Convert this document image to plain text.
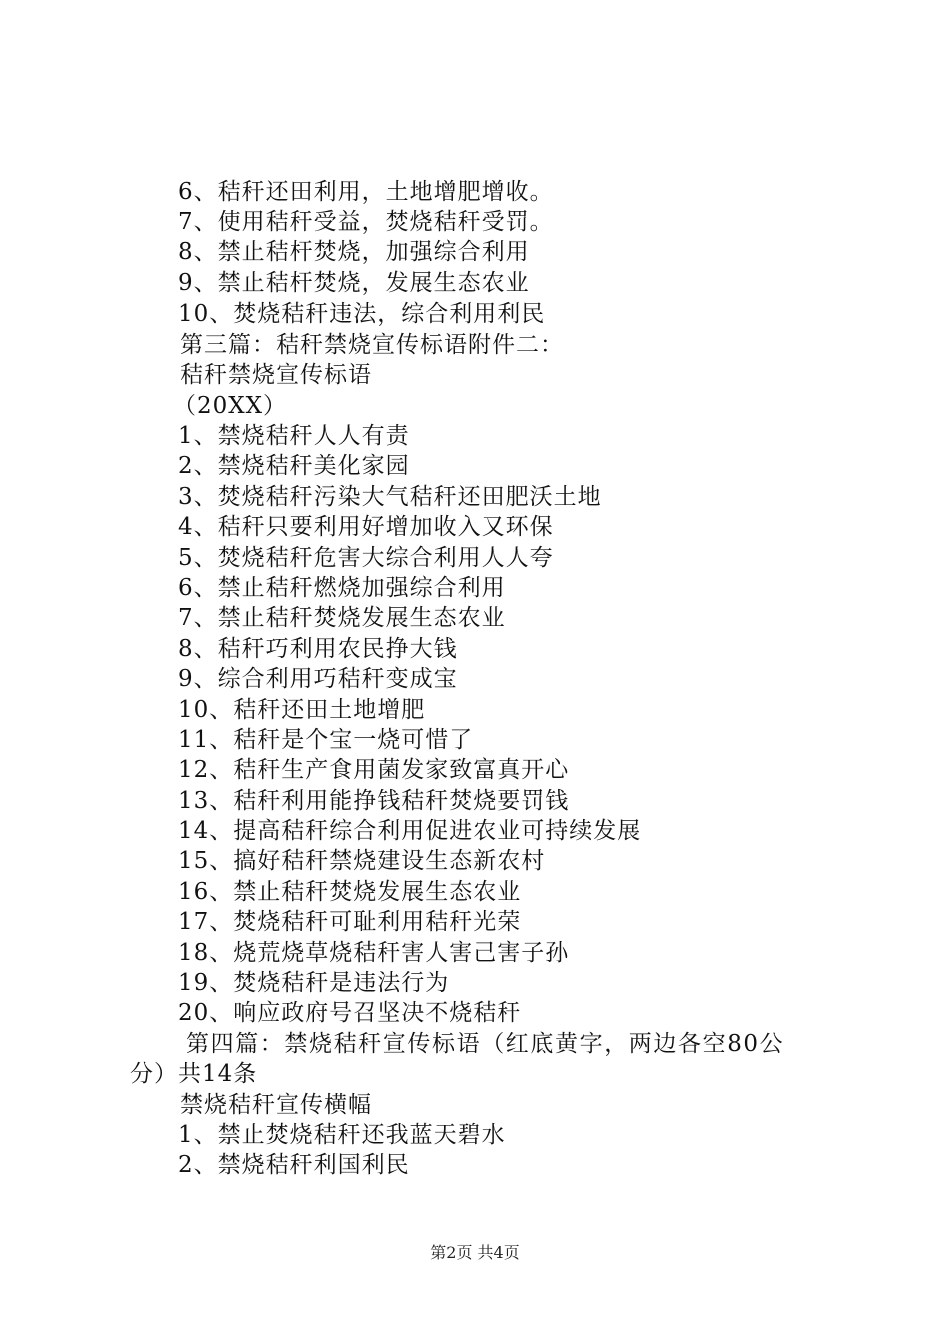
6、秸秆还田利用，土地增肥增收。
7、使用秸秆受益，焚烧秸秆受罚。
8、禁止秸杆焚烧，加强综合利用
9、禁止秸杆焚烧，发展生态农业
10、焚烧秸秆违法，综合利用利民
第三篇：秸秆禁烧宣传标语附件二：
秸秆禁烧宣传标语
（20XX）
1、禁烧秸秆人人有责
2、禁烧秸秆美化家园
3、焚烧秸秆污染大气秸秆还田肥沃土地
4、秸秆只要利用好增加收入又环保
5、焚烧秸秆危害大综合利用人人夸
6、禁止秸秆燃烧加强综合利用
7、禁止秸秆焚烧发展生态农业
8、秸秆巧利用农民挣大钱
9、综合利用巧秸秆变成宝
10、秸秆还田土地增肥
11、秸秆是个宝一烧可惜了
12、秸秆生产食用菌发家致富真开心
13、秸秆利用能挣钱秸秆焚烧要罚钱
14、提高秸秆综合利用促进农业可持续发展
15、搞好秸秆禁烧建设生态新农村
16、禁止秸秆焚烧发展生态农业
17、焚烧秸秆可耻利用秸秆光荣
18、烧荒烧草烧秸秆害人害己害子孙
19、焚烧秸秆是违法行为
20、响应政府号召坚决不烧秸秆
第四篇：禁烧秸秆宣传标语（红底黄字，两边各空80公
分）共14条
禁烧秸秆宣传横幅
1、禁止焚烧秸秆还我蓝天碧水
2、禁烧秸秆利国利民
第2页 共4页
